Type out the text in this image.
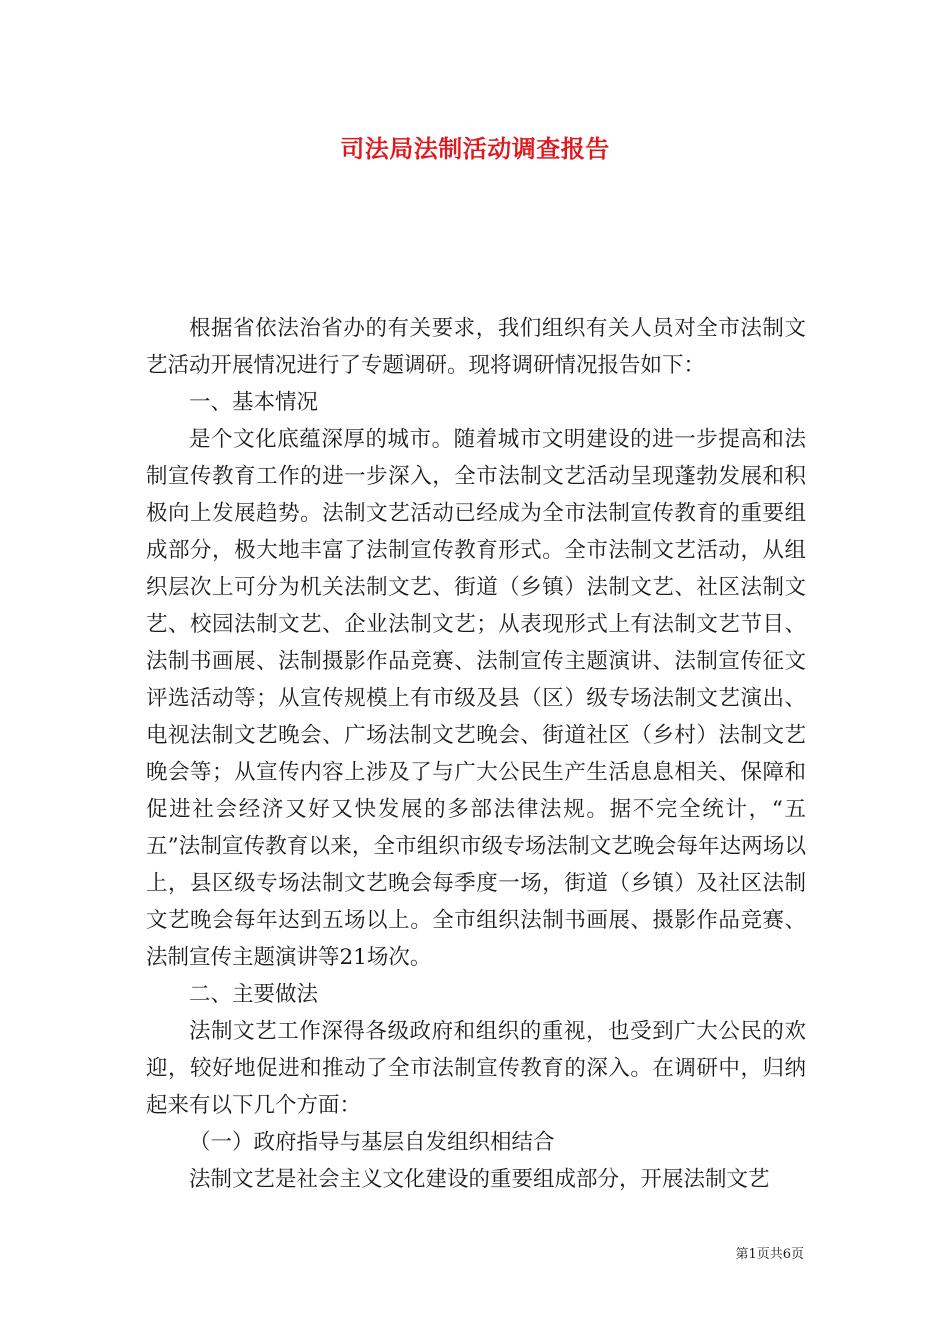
司法局法制活动调查报告

根据省依法治省办的有关要求，我们组织有关人员对全市法制文艺活动开展情况进行了专题调研。现将调研情况报告如下：

一、基本情况

是个文化底蕴深厚的城市。随着城市文明建设的进一步提高和法制宣传教育工作的进一步深入，全市法制文艺活动呈现蓬勃发展和积极向上发展趋势。法制文艺活动已经成为全市法制宣传教育的重要组成部分，极大地丰富了法制宣传教育形式。全市法制文艺活动，从组织层次上可分为机关法制文艺、街道（乡镇）法制文艺、社区法制文艺、校园法制文艺、企业法制文艺；从表现形式上有法制文艺节目、法制书画展、法制摄影作品竞赛、法制宣传主题演讲、法制宣传征文评选活动等；从宣传规模上有市级及县（区）级专场法制文艺演出、电视法制文艺晚会、广场法制文艺晚会、街道社区（乡村）法制文艺晚会等；从宣传内容上涉及了与广大公民生产生活息息相关、保障和促进社会经济又好又快发展的多部法律法规。据不完全统计，“五五”法制宣传教育以来，全市组织市级专场法制文艺晚会每年达两场以上，县区级专场法制文艺晚会每季度一场，街道（乡镇）及社区法制文艺晚会每年达到五场以上。全市组织法制书画展、摄影作品竞赛、法制宣传主题演讲等21场次。

二、主要做法

法制文艺工作深得各级政府和组织的重视，也受到广大公民的欢迎，较好地促进和推动了全市法制宣传教育的深入。在调研中，归纳起来有以下几个方面：

（一）政府指导与基层自发组织相结合

法制文艺是社会主义文化建设的重要组成部分，开展法制文艺

第1页共6页
